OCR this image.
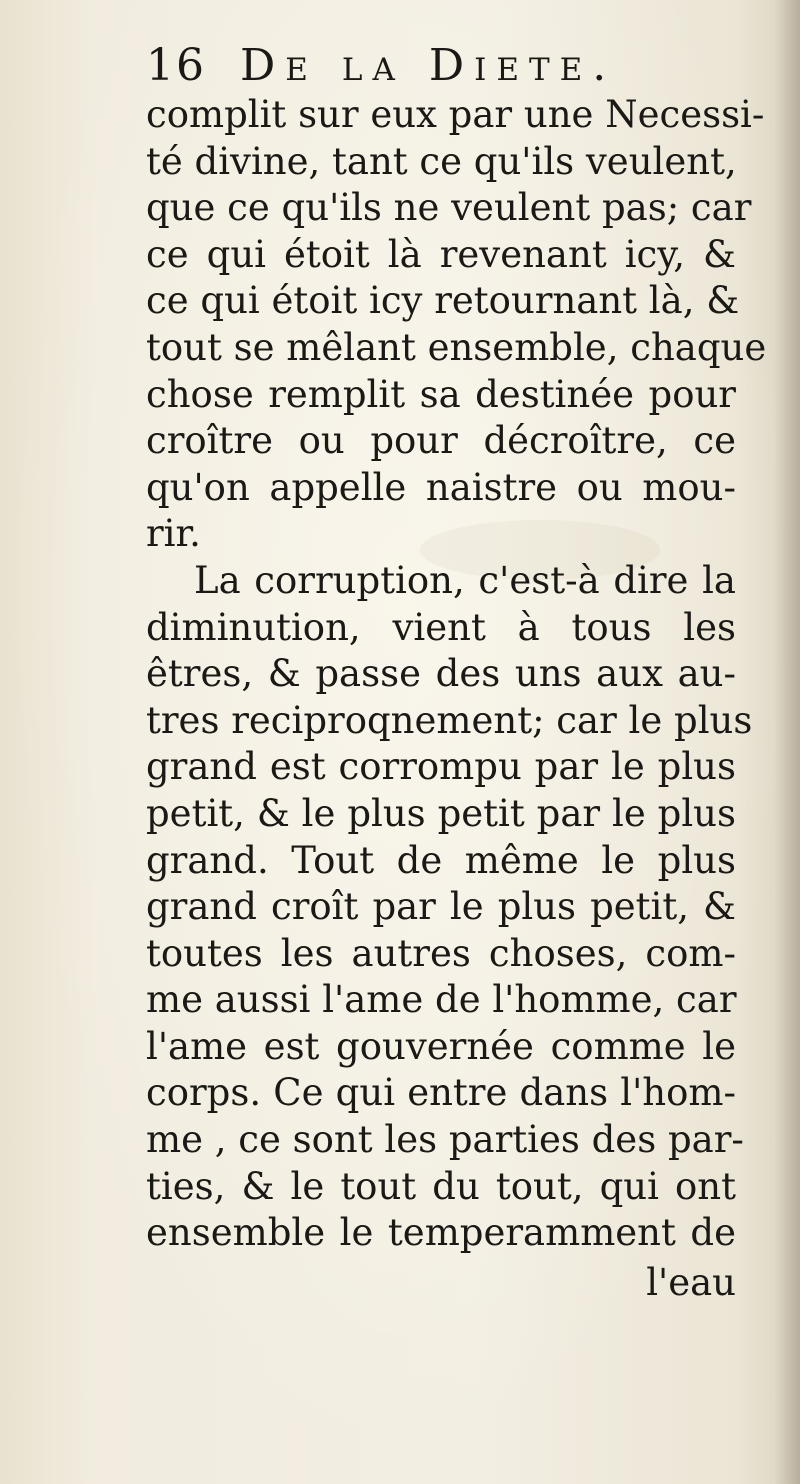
16 De la Diete.
complit sur eux par une Necessi-
té divine, tant ce qu'ils veulent,
que ce qu'ils ne veulent pas; car
ce qui étoit là revenant icy, &
ce qui étoit icy retournant là, &
tout se mêlant ensemble, chaque
chose remplit sa destinée pour
croître ou pour décroître, ce
qu'on appelle naistre ou mou-
rir.
La corruption, c'est-à dire la
diminution, vient à tous les
êtres, & passe des uns aux au-
tres reciproqnement; car le plus
grand est corrompu par le plus
petit, & le plus petit par le plus
grand. Tout de même le plus
grand croît par le plus petit, &
toutes les autres choses, com-
me aussi l'ame de l'homme, car
l'ame est gouvernée comme le
corps. Ce qui entre dans l'hom-
me , ce sont les parties des par-
ties, & le tout du tout, qui ont
ensemble le temperamment de
l'eau
